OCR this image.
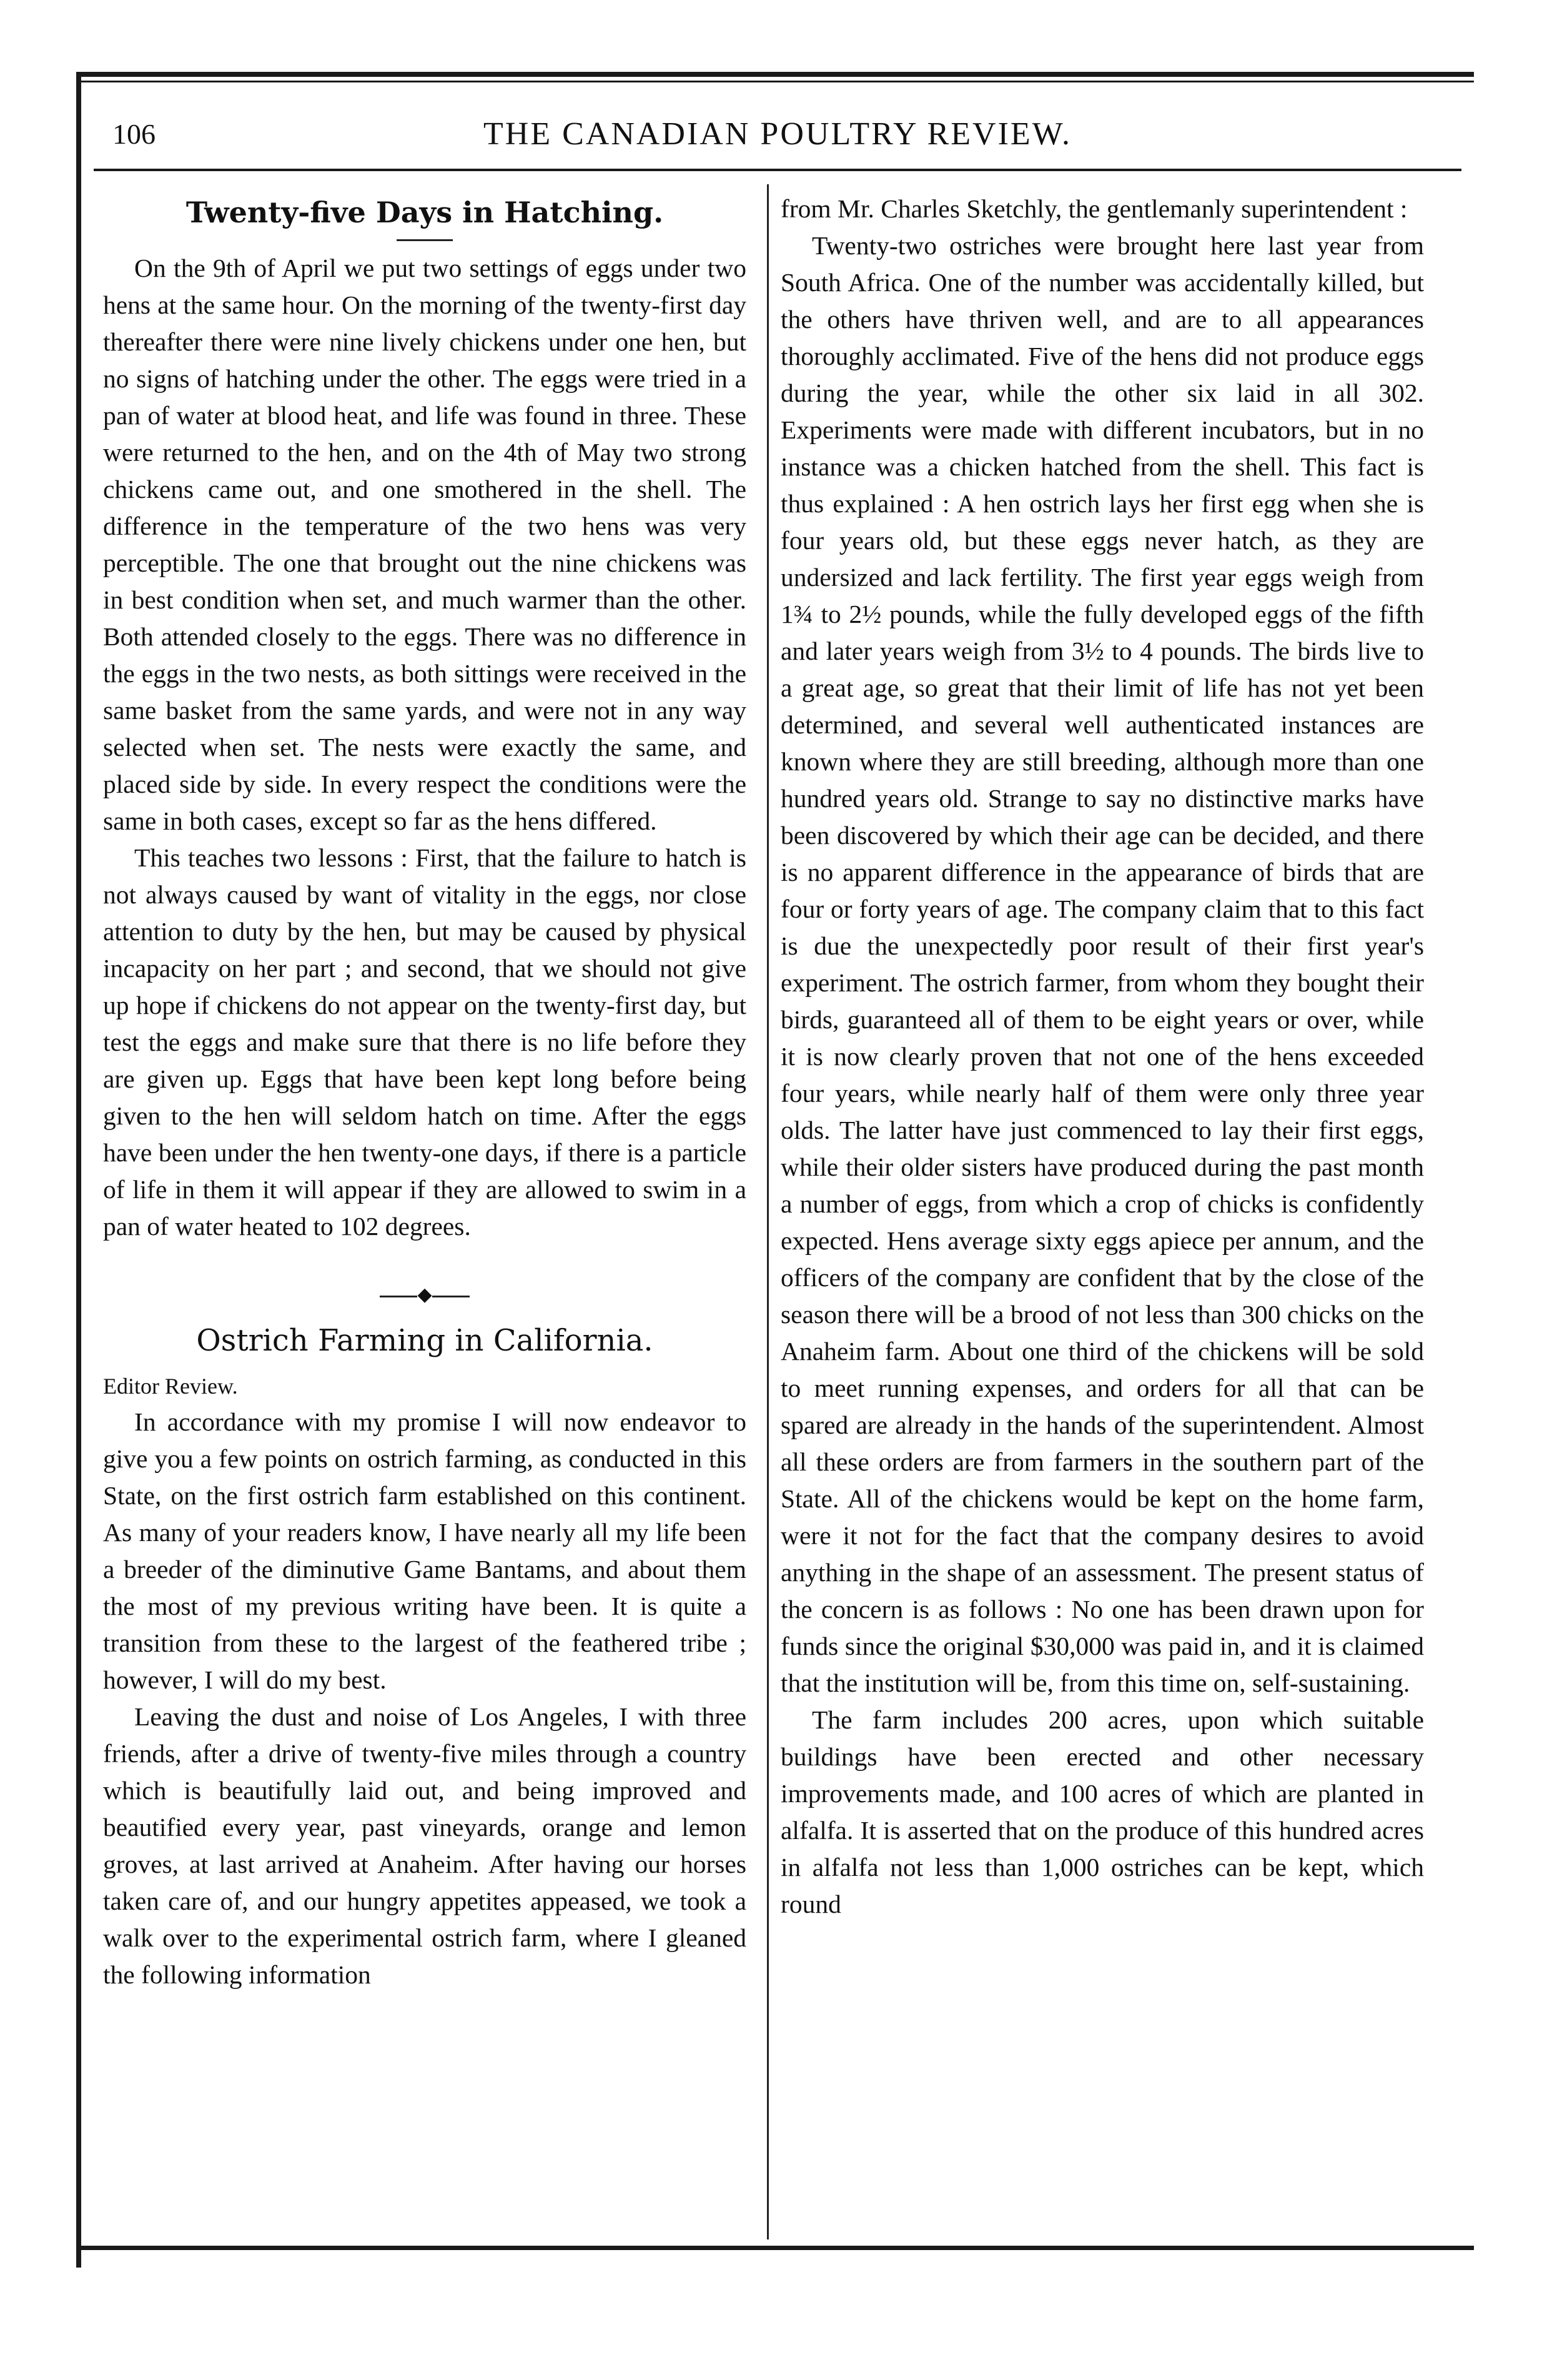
106	THE CANADIAN POULTRY REVIEW.
Twenty-five Days in Hatching.

On the 9th of April we put two settings of eggs under two hens at the same hour. On the morning of the twenty-first day thereafter there were nine lively chickens under one hen, but no signs of hatching under the other. The eggs were tried in a pan of water at blood heat, and life was found in three. These were returned to the hen, and on the 4th of May two strong chickens came out, and one smothered in the shell. The difference in the temperature of the two hens was very perceptible. The one that brought out the nine chickens was in best condition when set, and much warmer than the other. Both attended closely to the eggs. There was no difference in the eggs in the two nests, as both sittings were received in the same basket from the same yards, and were not in any way selected when set. The nests were exactly the same, and placed side by side. In every respect the conditions were the same in both cases, except so far as the hens differed.

This teaches two lessons : First, that the failure to hatch is not always caused by want of vitality in the eggs, nor close attention to duty by the hen, but may be caused by physical incapacity on her part ; and second, that we should not give up hope if chickens do not appear on the twenty-first day, but test the eggs and make sure that there is no life before they are given up. Eggs that have been kept long before being given to the hen will seldom hatch on time. After the eggs have been under the hen twenty-one days, if there is a particle of life in them it will appear if they are allowed to swim in a pan of water heated to 102 degrees.

◆
Ostrich Farming in California.

Editor Review.

In accordance with my promise I will now endeavor to give you a few points on ostrich farming, as conducted in this State, on the first ostrich farm established on this continent. As many of your readers know, I have nearly all my life been a breeder of the diminutive Game Bantams, and about them the most of my previous writing have been. It is quite a transition from these to the largest of the feathered tribe ; however, I will do my best.

Leaving the dust and noise of Los Angeles, I with three friends, after a drive of twenty-five miles through a country which is beautifully laid out, and being improved and beautified every year, past vineyards, orange and lemon groves, at last arrived at Anaheim. After having our horses taken care of, and our hungry appetites appeased, we took a walk over to the experimental ostrich farm, where I gleaned the following information

from Mr. Charles Sketchly, the gentlemanly superintendent :

Twenty-two ostriches were brought here last year from South Africa. One of the number was accidentally killed, but the others have thriven well, and are to all appearances thoroughly acclimated. Five of the hens did not produce eggs during the year, while the other six laid in all 302. Experiments were made with different incubators, but in no instance was a chicken hatched from the shell. This fact is thus explained : A hen ostrich lays her first egg when she is four years old, but these eggs never hatch, as they are undersized and lack fertility. The first year eggs weigh from 1¾ to 2½ pounds, while the fully developed eggs of the fifth and later years weigh from 3½ to 4 pounds. The birds live to a great age, so great that their limit of life has not yet been determined, and several well authenticated instances are known where they are still breeding, although more than one hundred years old. Strange to say no distinctive marks have been discovered by which their age can be decided, and there is no apparent difference in the appearance of birds that are four or forty years of age. The company claim that to this fact is due the unexpectedly poor result of their first year's experiment. The ostrich farmer, from whom they bought their birds, guaranteed all of them to be eight years or over, while it is now clearly proven that not one of the hens exceeded four years, while nearly half of them were only three year olds. The latter have just commenced to lay their first eggs, while their older sisters have produced during the past month a number of eggs, from which a crop of chicks is confidently expected. Hens average sixty eggs apiece per annum, and the officers of the company are confident that by the close of the season there will be a brood of not less than 300 chicks on the Anaheim farm. About one third of the chickens will be sold to meet running expenses, and orders for all that can be spared are already in the hands of the superintendent. Almost all these orders are from farmers in the southern part of the State. All of the chickens would be kept on the home farm, were it not for the fact that the company desires to avoid anything in the shape of an assessment. The present status of the concern is as follows : No one has been drawn upon for funds since the original $30,000 was paid in, and it is claimed that the institution will be, from this time on, self-sustaining.

The farm includes 200 acres, upon which suitable buildings have been erected and other necessary improvements made, and 100 acres of which are planted in alfalfa. It is asserted that on the produce of this hundred acres in alfalfa not less than 1,000 ostriches can be kept, which round
